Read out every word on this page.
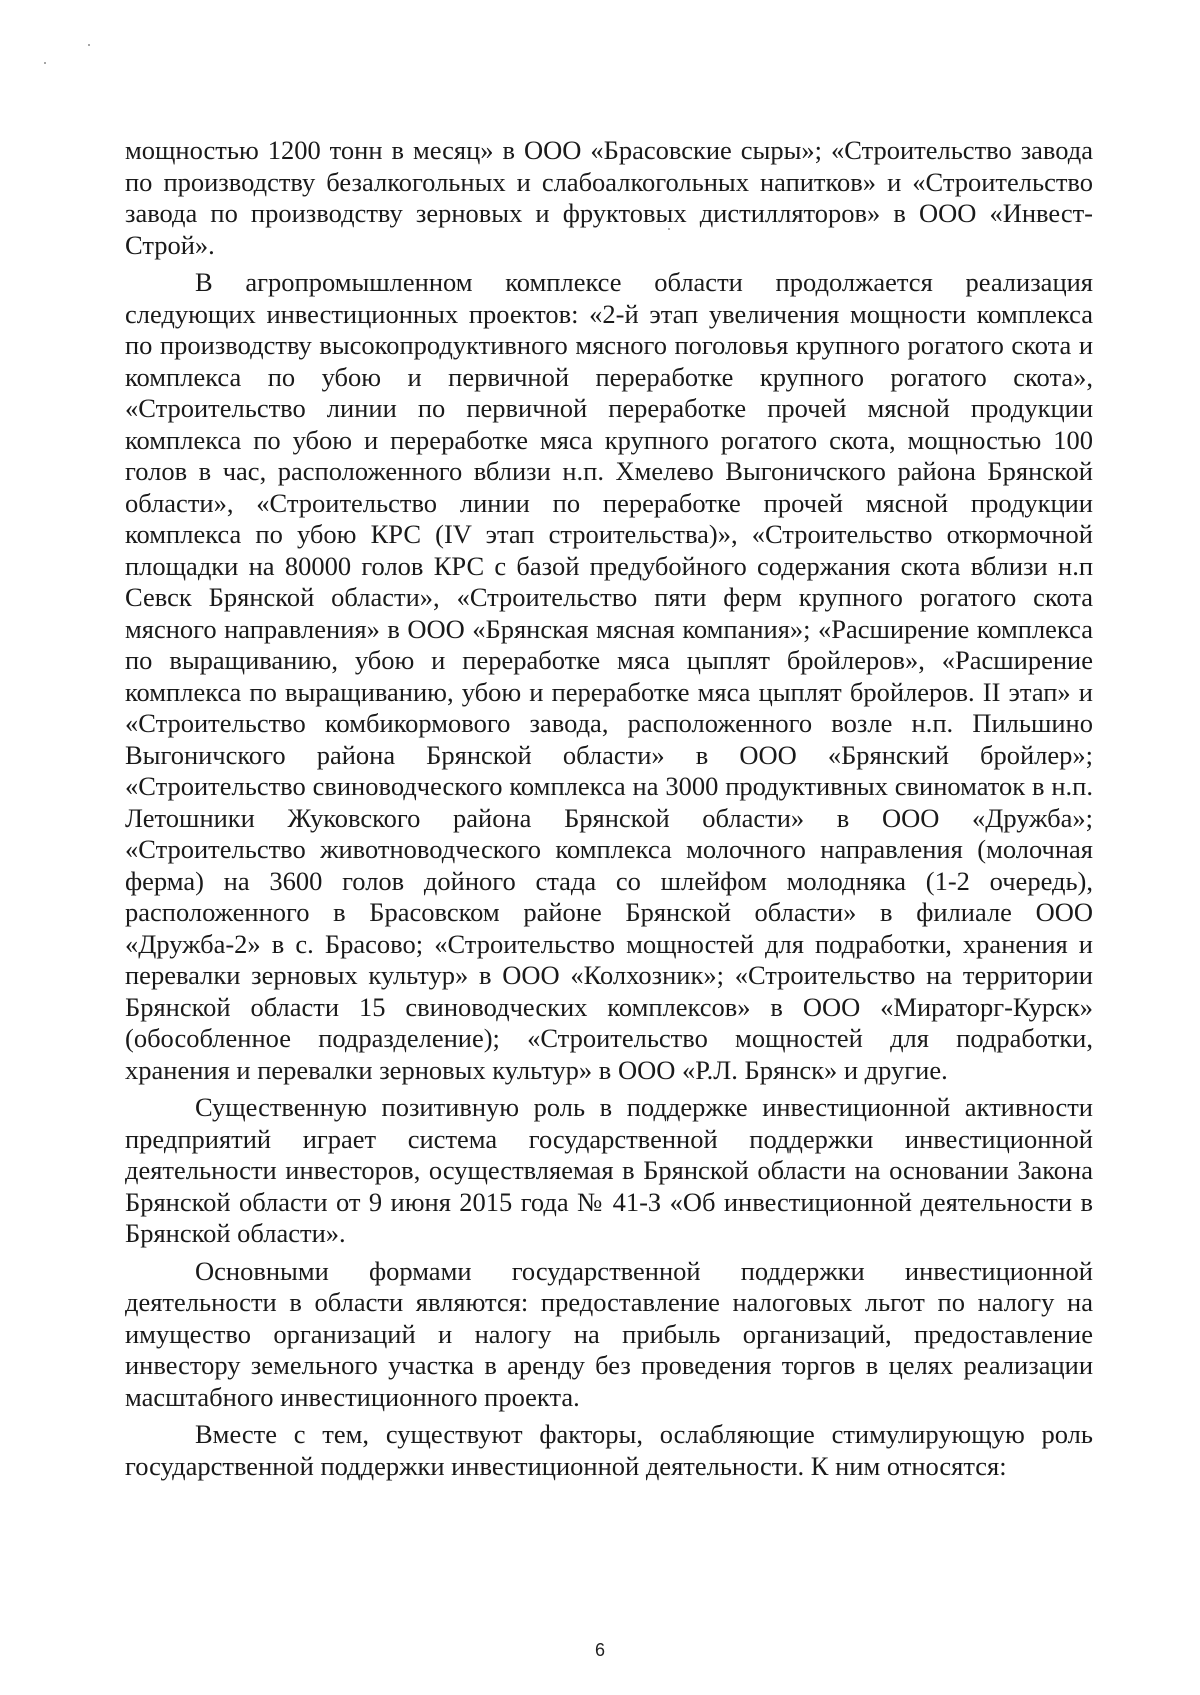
мощностью 1200 тонн в месяц» в ООО «Брасовские сыры»; «Строительство завода по производству безалкогольных и слабоалкогольных напитков» и «Строительство завода по производству зерновых и фруктовых дистилляторов» в ООО «Инвест-Строй».

В агропромышленном комплексе области продолжается реализация следующих инвестиционных проектов: «2-й этап увеличения мощности комплекса по производству высокопродуктивного мясного поголовья крупного рогатого скота и комплекса по убою и первичной переработке крупного рогатого скота», «Строительство линии по первичной переработке прочей мясной продукции комплекса по убою и переработке мяса крупного рогатого скота, мощностью 100 голов в час, расположенного вблизи н.п. Хмелево Выгоничского района Брянской области», «Строительство линии по переработке прочей мясной продукции комплекса по убою КРС (IV этап строительства)», «Строительство откормочной площадки на 80000 голов КРС с базой предубойного содержания скота вблизи н.п Севск Брянской области», «Строительство пяти ферм крупного рогатого скота мясного направления» в ООО «Брянская мясная компания»; «Расширение комплекса по выращиванию, убою и переработке мяса цыплят бройлеров», «Расширение комплекса по выращиванию, убою и переработке мяса цыплят бройлеров. II этап» и «Строительство комбикормового завода, расположенного возле н.п. Пильшино Выгоничского района Брянской области» в ООО «Брянский бройлер»; «Строительство свиноводческого комплекса на 3000 продуктивных свиноматок в н.п. Летошники Жуковского района Брянской области» в ООО «Дружба»; «Строительство животноводческого комплекса молочного направления (молочная ферма) на 3600 голов дойного стада со шлейфом молодняка (1-2 очередь), расположенного в Брасовском районе Брянской области» в филиале ООО «Дружба-2» в с. Брасово; «Строительство мощностей для подработки, хранения и перевалки зерновых культур» в ООО «Колхозник»; «Строительство на территории Брянской области 15 свиноводческих комплексов» в ООО «Мираторг-Курск» (обособленное подразделение); «Строительство мощностей для подработки, хранения и перевалки зерновых культур» в ООО «Р.Л. Брянск» и другие.

Существенную позитивную роль в поддержке инвестиционной активности предприятий играет система государственной поддержки инвестиционной деятельности инвесторов, осуществляемая в Брянской области на основании Закона Брянской области от 9 июня 2015 года № 41-З «Об инвестиционной деятельности в Брянской области».

Основными формами государственной поддержки инвестиционной деятельности в области являются: предоставление налоговых льгот по налогу на имущество организаций и налогу на прибыль организаций, предоставление инвестору земельного участка в аренду без проведения торгов в целях реализации масштабного инвестиционного проекта.

Вместе с тем, существуют факторы, ослабляющие стимулирующую роль государственной поддержки инвестиционной деятельности. К ним относятся:

6
